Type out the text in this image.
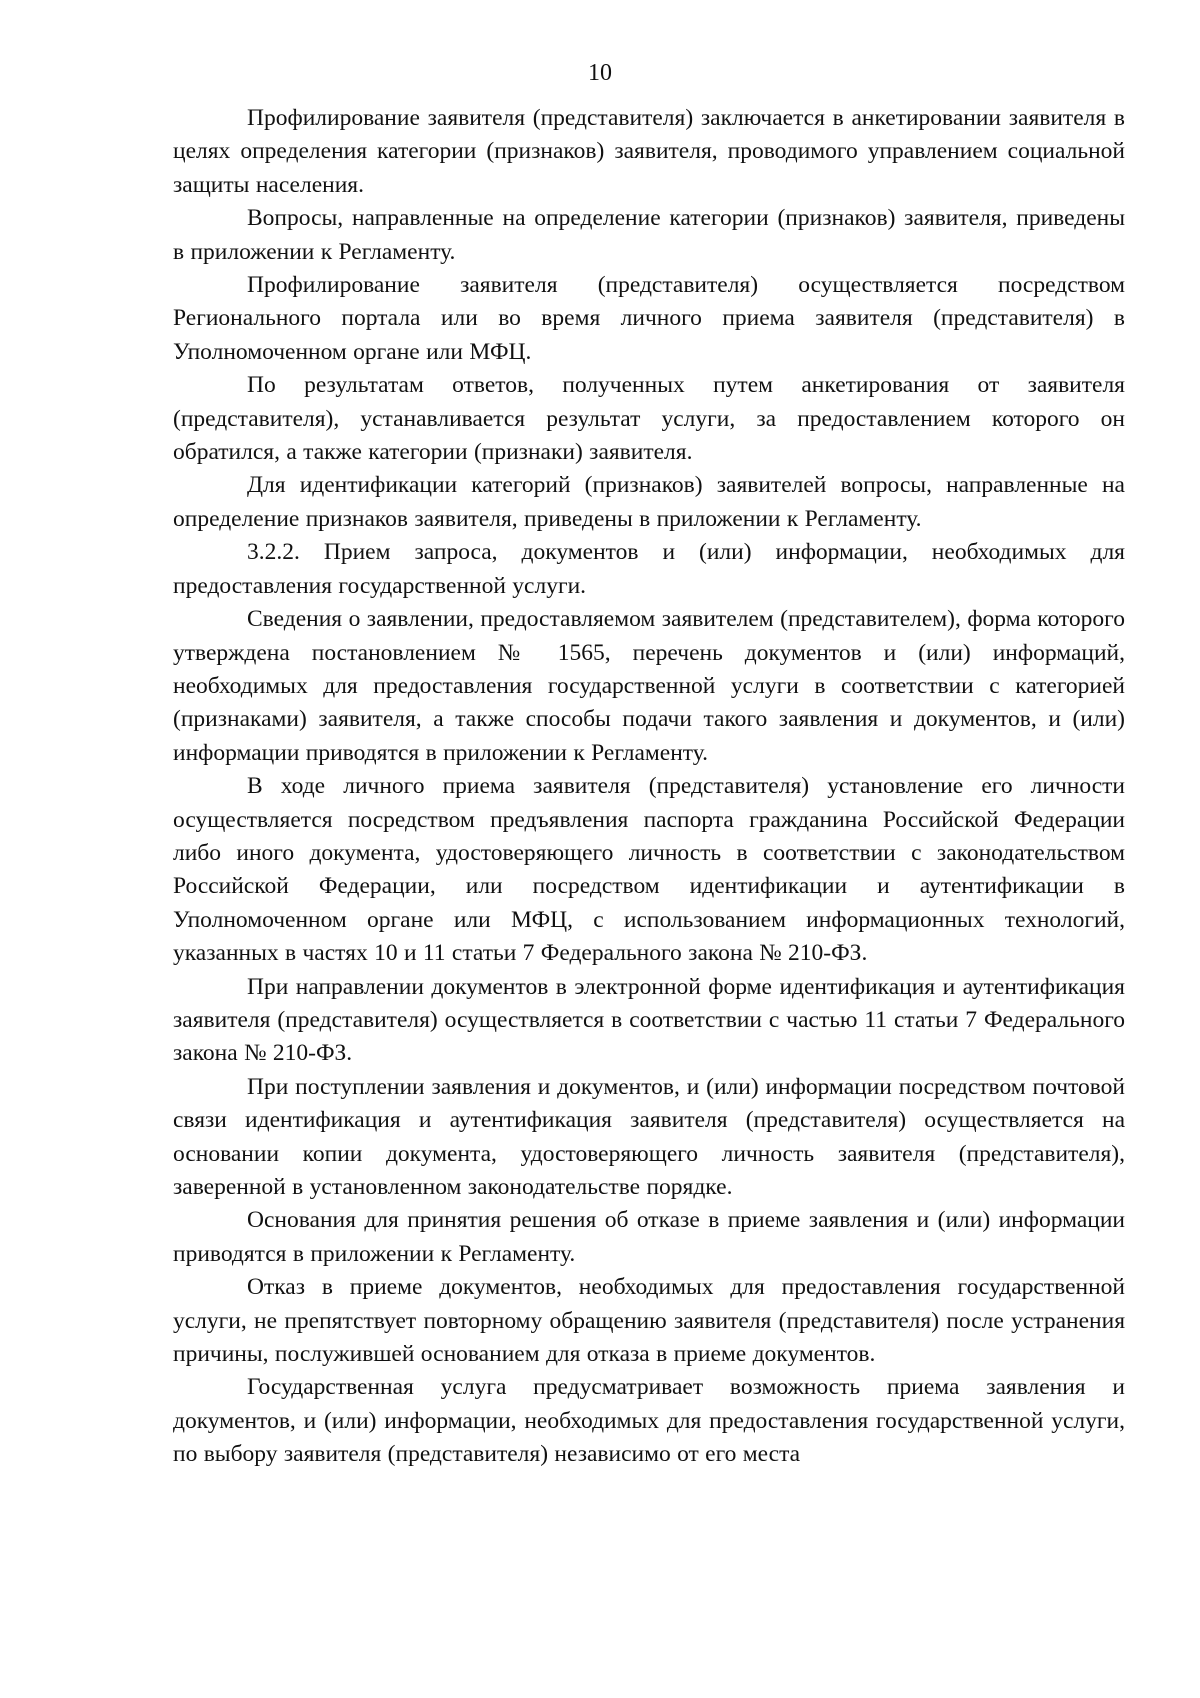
10

Профилирование заявителя (представителя) заключается в анкетировании заявителя в целях определения категории (признаков) заявителя, проводимого управлением социальной защиты населения.

Вопросы, направленные на определение категории (признаков) заявителя, приведены в приложении к Регламенту.

Профилирование заявителя (представителя) осуществляется посредством Регионального портала или во время личного приема заявителя (представителя) в Уполномоченном органе или МФЦ.

По результатам ответов, полученных путем анкетирования от заявителя (представителя), устанавливается результат услуги, за предоставлением которого он обратился, а также категории (признаки) заявителя.

Для идентификации категорий (признаков) заявителей вопросы, направленные на определение признаков заявителя, приведены в приложении к Регламенту.

3.2.2. Прием запроса, документов и (или) информации, необходимых для предоставления государственной услуги.

Сведения о заявлении, предоставляемом заявителем (представителем), форма которого утверждена постановлением № 1565, перечень документов и (или) информаций, необходимых для предоставления государственной услуги в соответствии с категорией (признаками) заявителя, а также способы подачи такого заявления и документов, и (или) информации приводятся в приложении к Регламенту.

В ходе личного приема заявителя (представителя) установление его личности осуществляется посредством предъявления паспорта гражданина Российской Федерации либо иного документа, удостоверяющего личность в соответствии с законодательством Российской Федерации, или посредством идентификации и аутентификации в Уполномоченном органе или МФЦ, с использованием информационных технологий, указанных в частях 10 и 11 статьи 7 Федерального закона № 210-ФЗ.

При направлении документов в электронной форме идентификация и аутентификация заявителя (представителя) осуществляется в соответствии с частью 11 статьи 7 Федерального закона № 210-ФЗ.

При поступлении заявления и документов, и (или) информации посредством почтовой связи идентификация и аутентификация заявителя (представителя) осуществляется на основании копии документа, удостоверяющего личность заявителя (представителя), заверенной в установленном законодательстве порядке.

Основания для принятия решения об отказе в приеме заявления и (или) информации приводятся в приложении к Регламенту.

Отказ в приеме документов, необходимых для предоставления государственной услуги, не препятствует повторному обращению заявителя (представителя) после устранения причины, послужившей основанием для отказа в приеме документов.

Государственная услуга предусматривает возможность приема заявления и документов, и (или) информации, необходимых для предоставления государственной услуги, по выбору заявителя (представителя) независимо от его места
